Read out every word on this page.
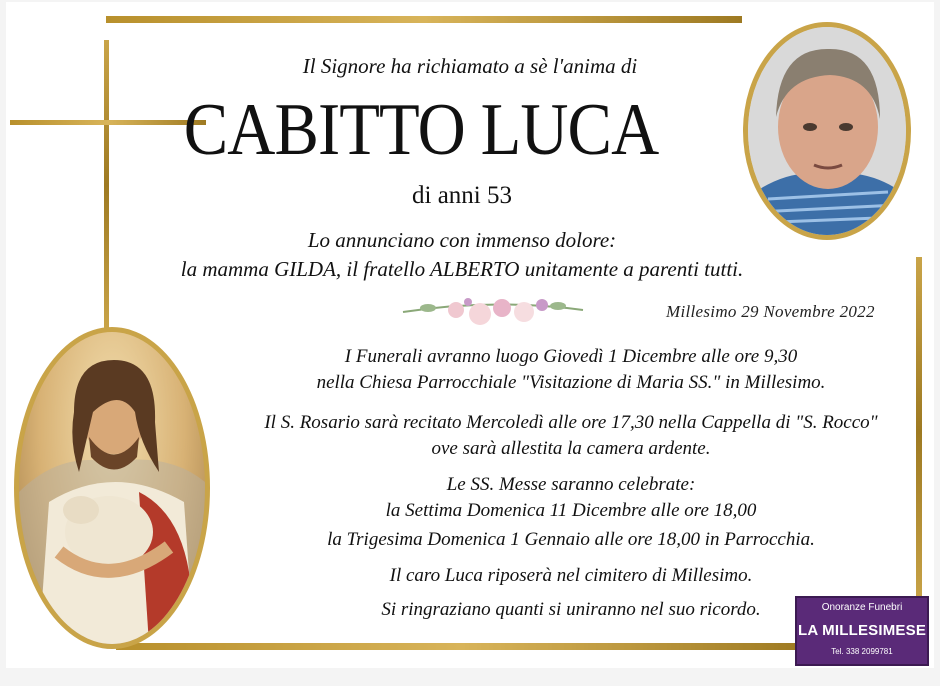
Il Signore ha richiamato a sè l'anima di
CABITTO LUCA
di anni 53
Lo annunciano con immenso dolore:
la mamma GILDA, il fratello ALBERTO unitamente a parenti tutti.
Millesimo 29 Novembre 2022
I Funerali avranno luogo Giovedì 1 Dicembre alle ore 9,30
nella Chiesa Parrocchiale "Visitazione di Maria SS." in Millesimo.
Il S. Rosario sarà recitato Mercoledì alle ore 17,30 nella Cappella di "S. Rocco"
ove sarà allestita la camera ardente.
Le SS. Messe saranno celebrate:
la Settima Domenica 11 Dicembre alle ore 18,00
la Trigesima Domenica 1 Gennaio alle ore 18,00 in Parrocchia.
Il caro Luca riposerà nel cimitero di Millesimo.
Si ringraziano quanti si uniranno nel suo ricordo.	Onoranze Funebri
LA MILLESIMESE
Tel. 338 2099781
